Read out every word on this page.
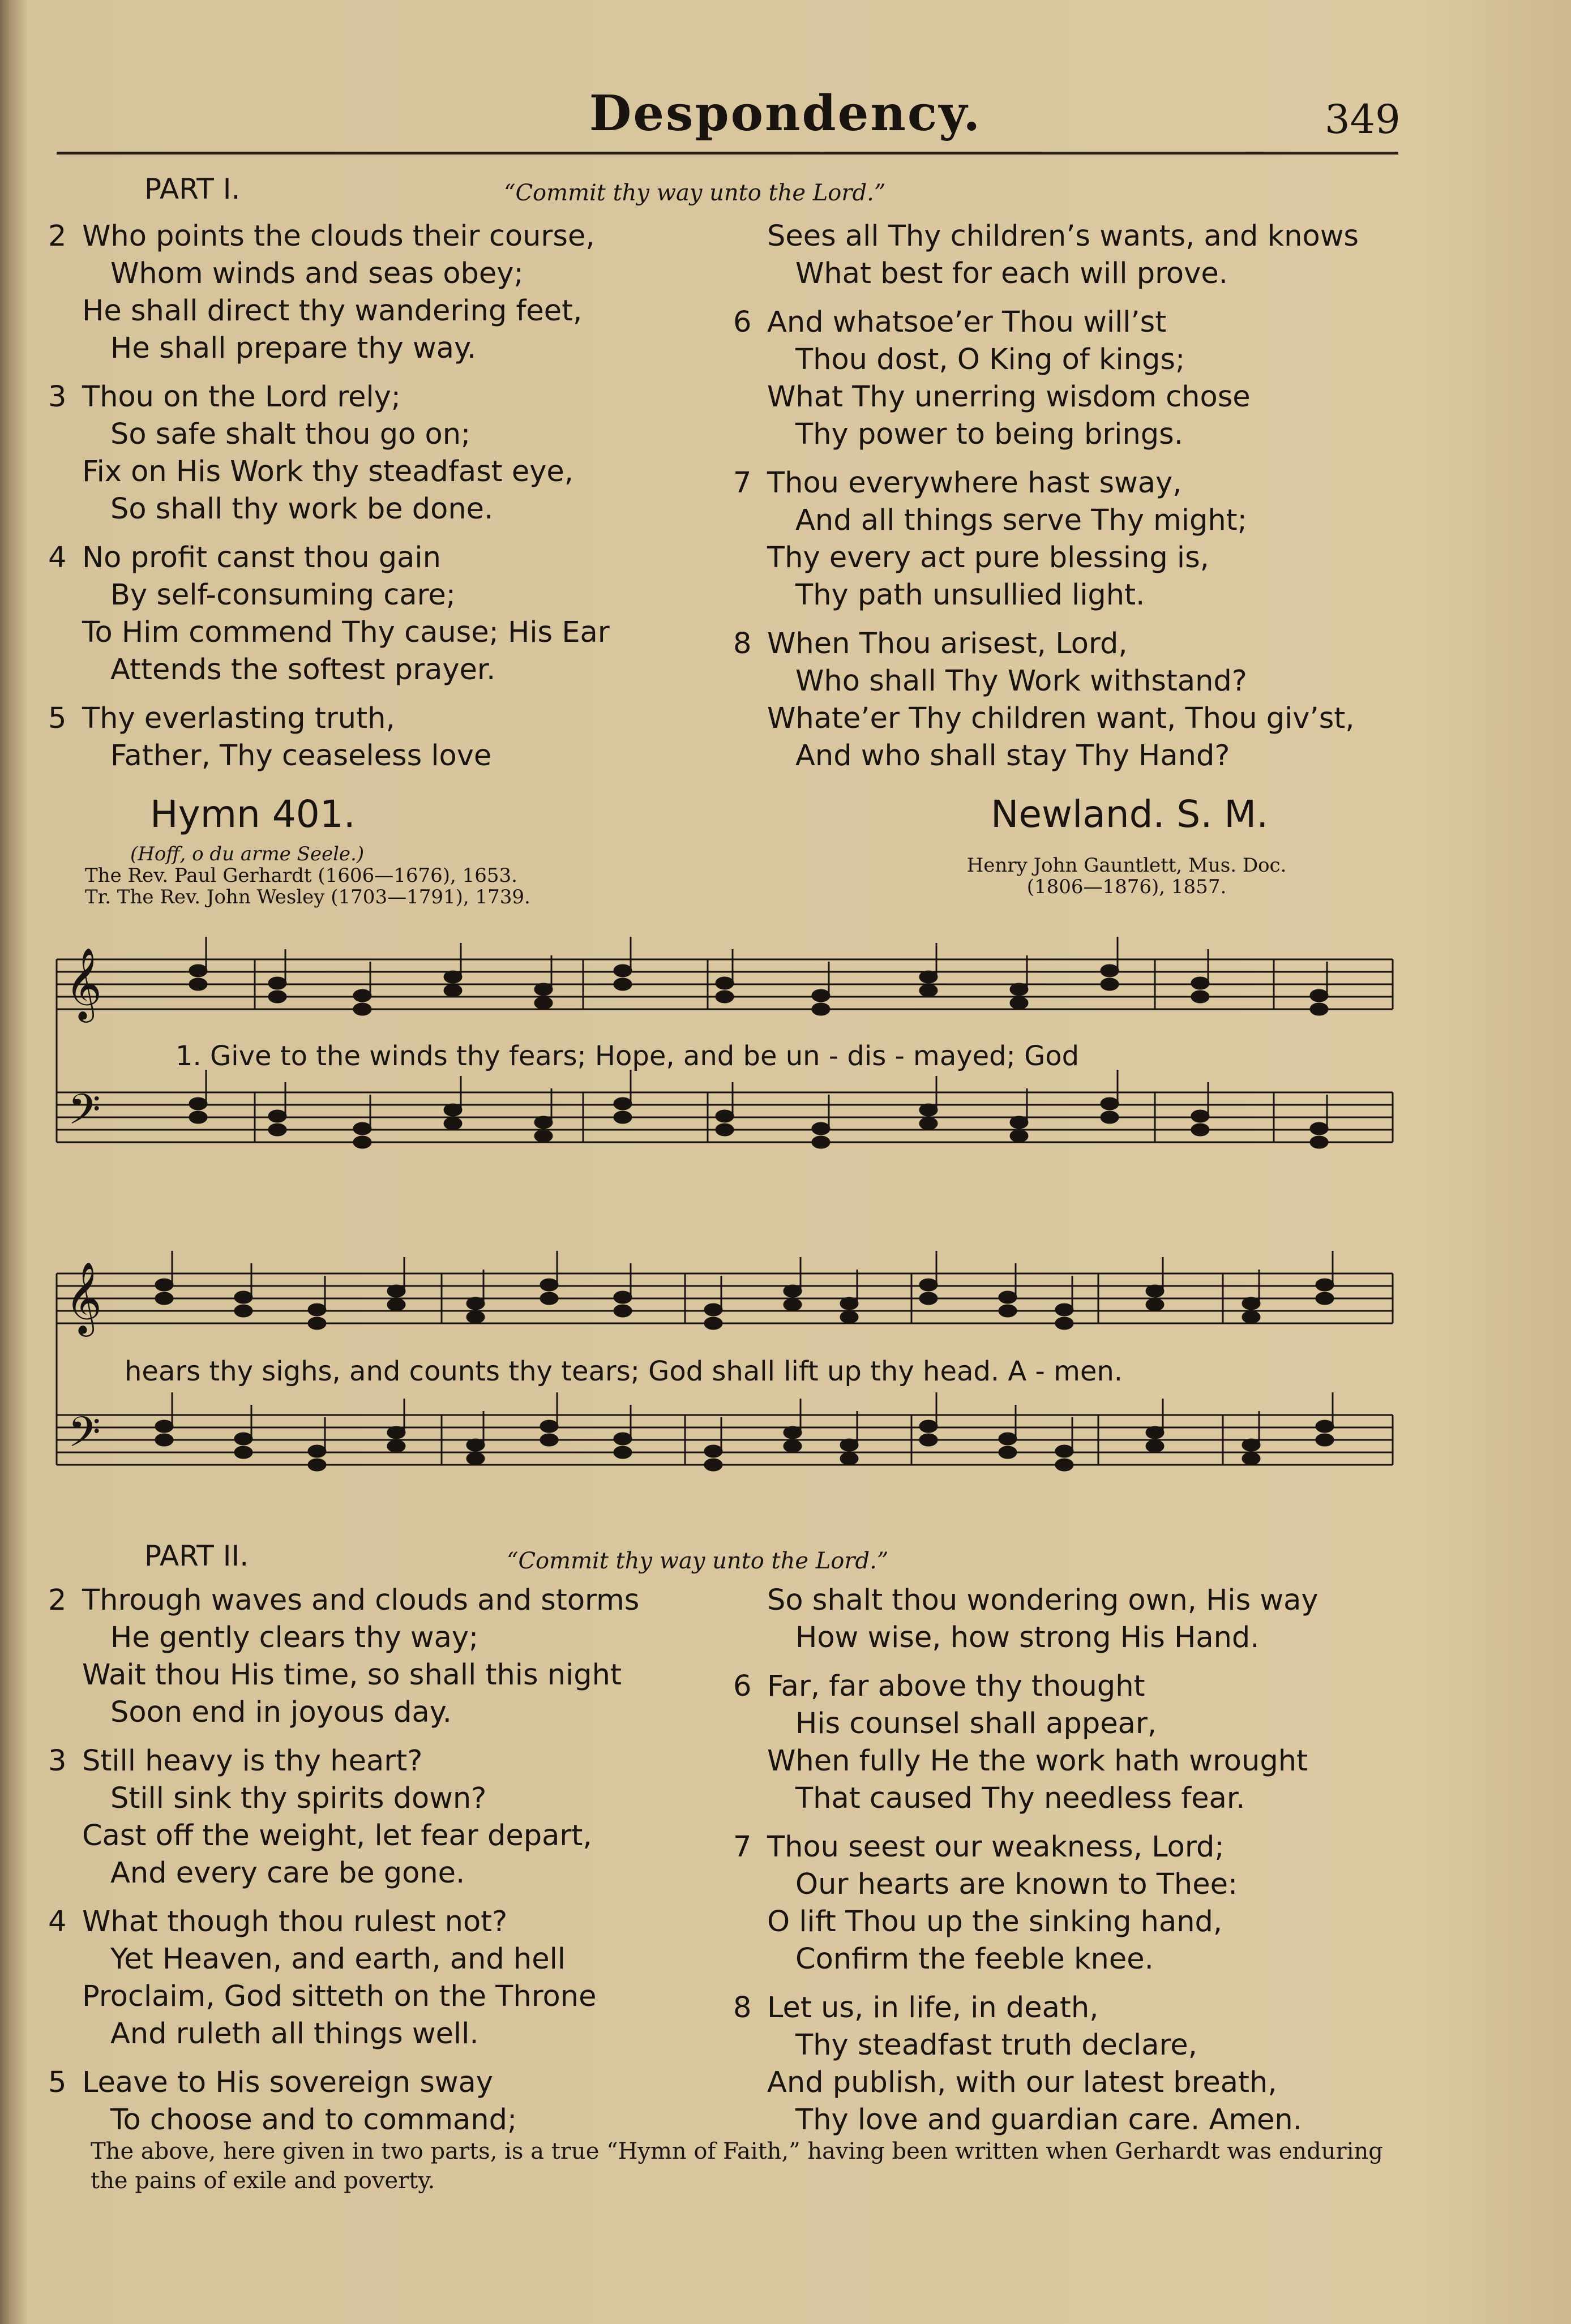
Despondency.	349
PART I.	“Commit thy way unto the Lord.”
2 Who points the clouds their course,
Whom winds and seas obey;
He shall direct thy wandering feet,
He shall prepare thy way.
3 Thou on the Lord rely;
So safe shalt thou go on;
Fix on His Work thy steadfast eye,
So shall thy work be done.
4 No profit canst thou gain
By self-consuming care;
To Him commend Thy cause; His Ear
Attends the softest prayer.
5 Thy everlasting truth,
Father, Thy ceaseless love
Sees all Thy children’s wants, and knows
What best for each will prove.
6 And whatsoe’er Thou will’st
Thou dost, O King of kings;
What Thy unerring wisdom chose
Thy power to being brings.
7 Thou everywhere hast sway,
And all things serve Thy might;
Thy every act pure blessing is,
Thy path unsullied light.
8 When Thou arisest, Lord,
Who shall Thy Work withstand?
Whate’er Thy children want, Thou giv’st,
And who shall stay Thy Hand?
Hymn 401.	Newland. S. M.
(Hoff, o du arme Seele.)
The Rev. Paul Gerhardt (1606—1676), 1653.
Tr. The Rev. John Wesley (1703—1791), 1739.
Henry John Gauntlett, Mus. Doc.
(1806—1876), 1857.
𝄞
𝄢
1. Give to the winds thy fears; Hope, and be un - dis - mayed; God
𝄞
𝄢
hears thy sighs, and counts thy tears; God shall lift up thy head. A - men.
PART II.	“Commit thy way unto the Lord.”
2 Through waves and clouds and storms
He gently clears thy way;
Wait thou His time, so shall this night
Soon end in joyous day.
3 Still heavy is thy heart?
Still sink thy spirits down?
Cast off the weight, let fear depart,
And every care be gone.
4 What though thou rulest not?
Yet Heaven, and earth, and hell
Proclaim, God sitteth on the Throne
And ruleth all things well.
5 Leave to His sovereign sway
To choose and to command;
So shalt thou wondering own, His way
How wise, how strong His Hand.
6 Far, far above thy thought
His counsel shall appear,
When fully He the work hath wrought
That caused Thy needless fear.
7 Thou seest our weakness, Lord;
Our hearts are known to Thee:
O lift Thou up the sinking hand,
Confirm the feeble knee.
8 Let us, in life, in death,
Thy steadfast truth declare,
And publish, with our latest breath,
Thy love and guardian care. Amen.
The above, here given in two parts, is a true “Hymn of Faith,” having been written when Gerhardt was enduring the pains of exile and poverty.
